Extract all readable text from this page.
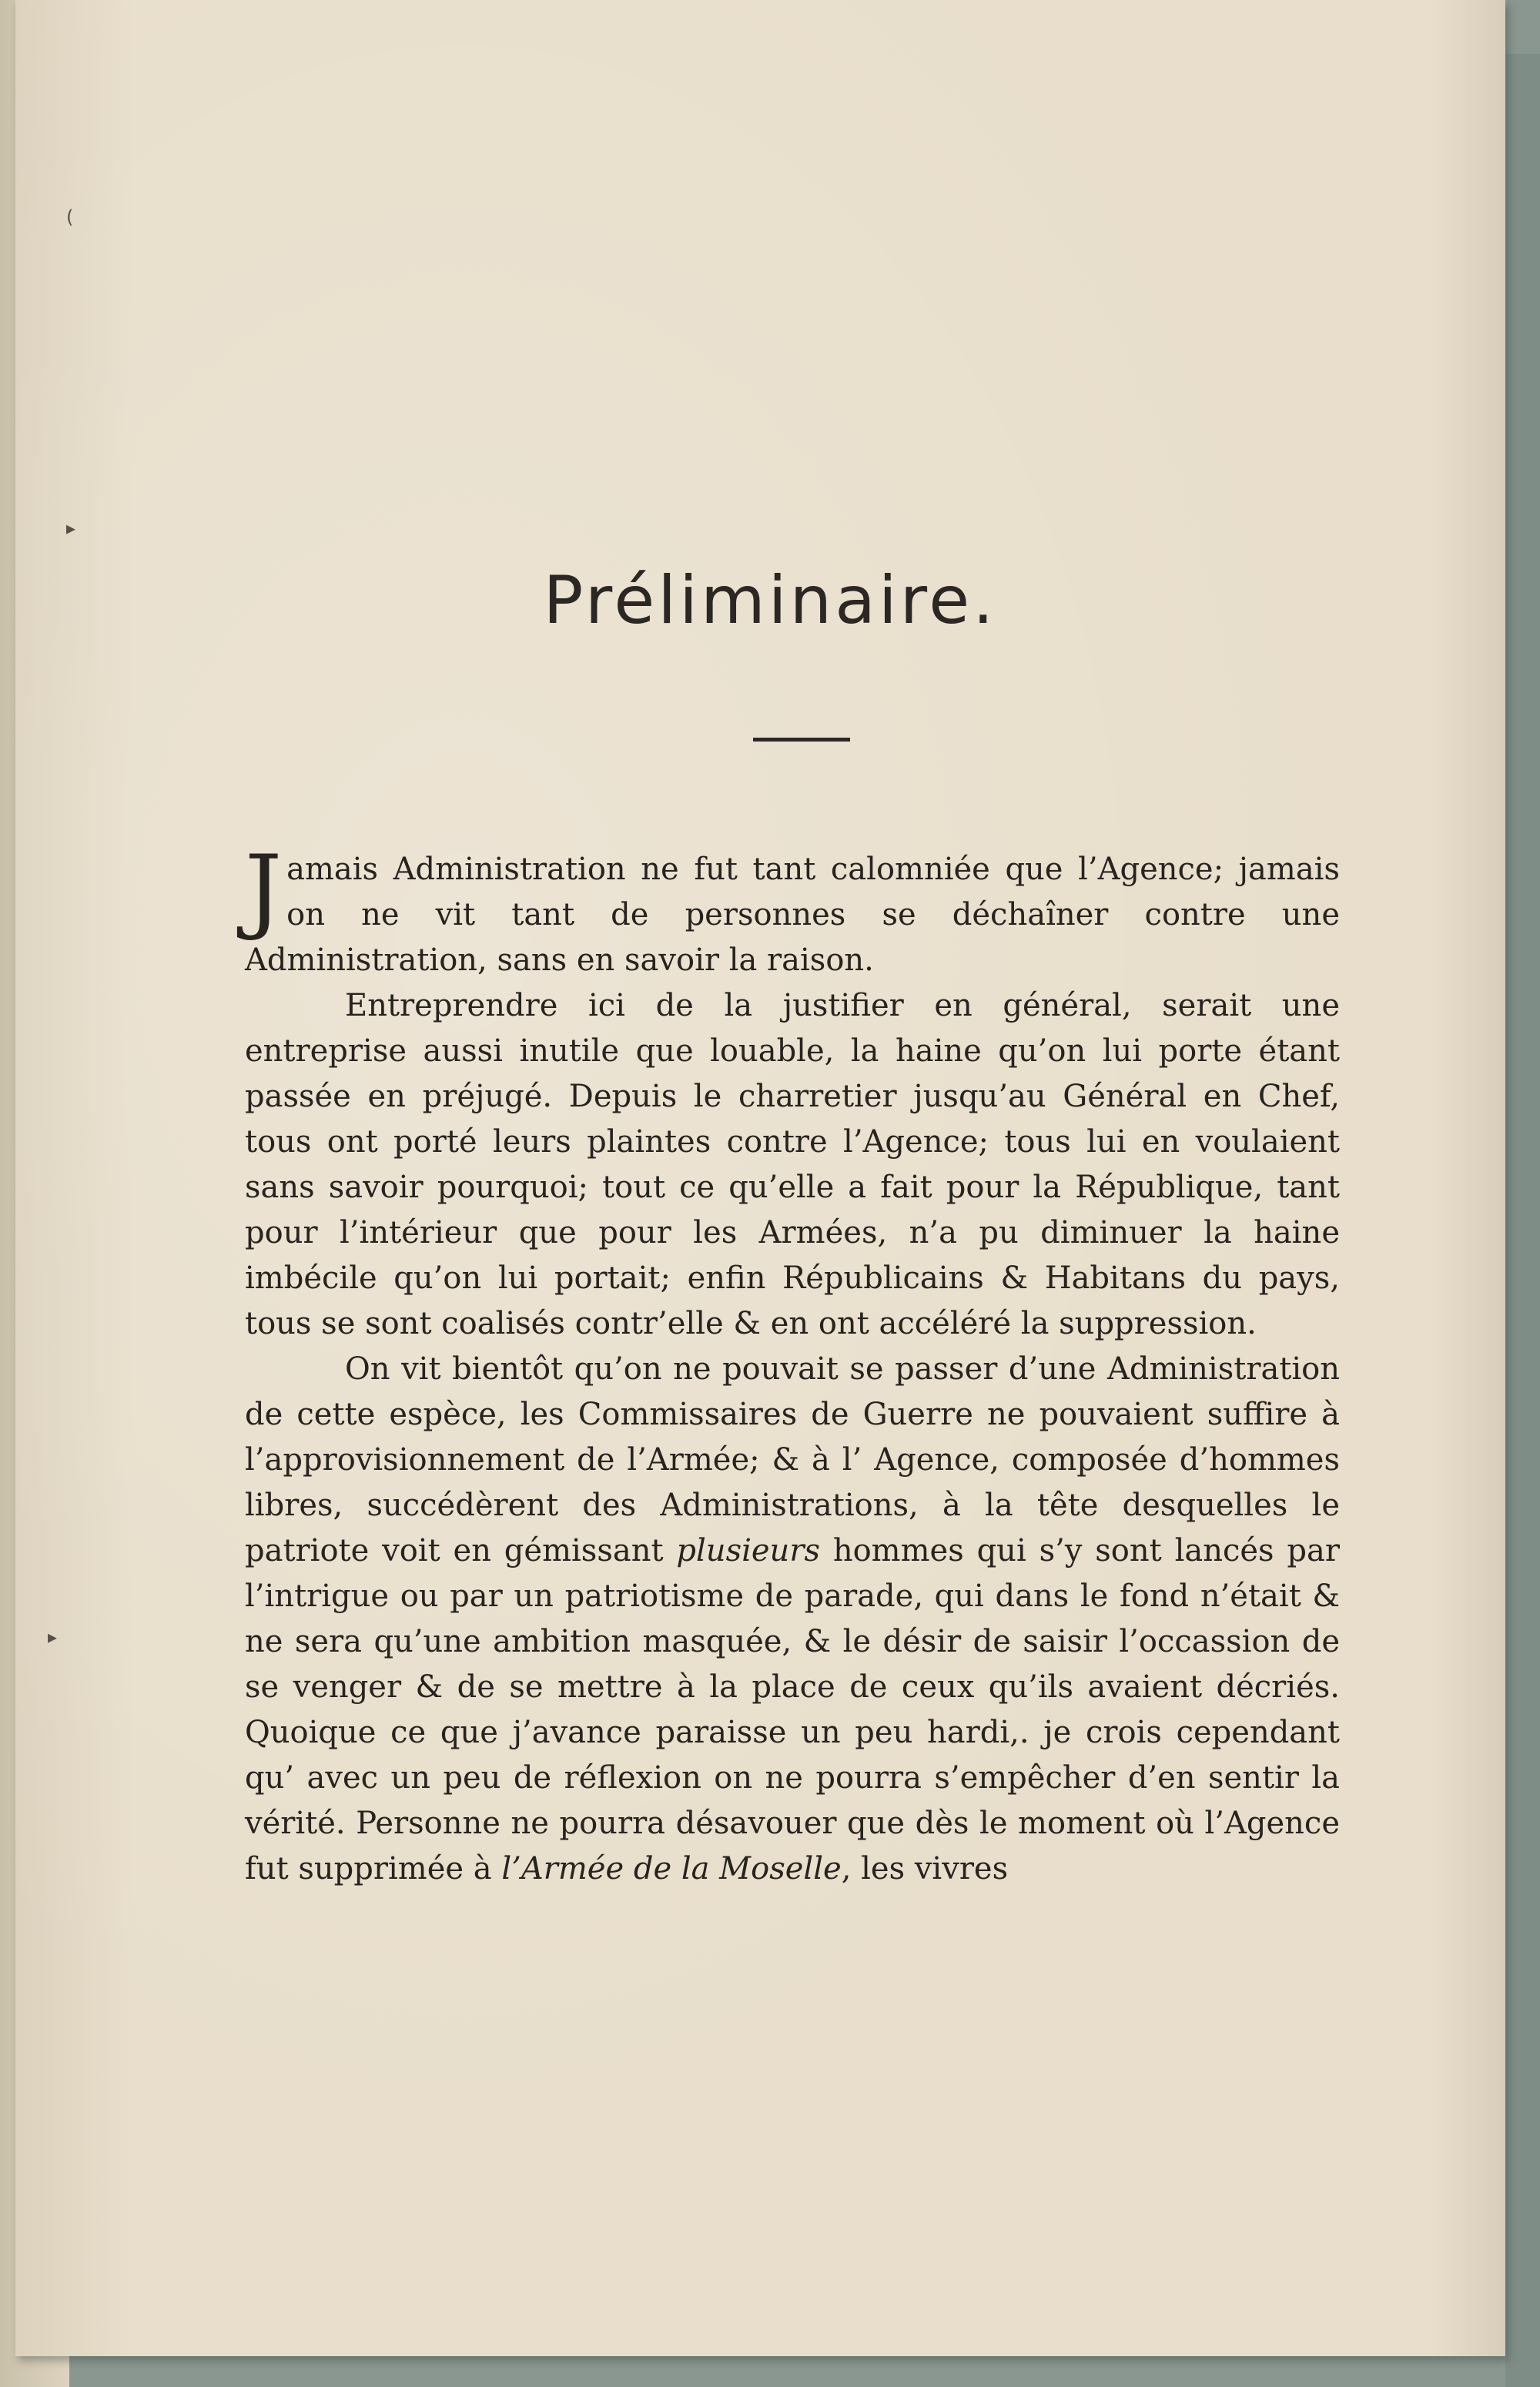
(
▸
▸
Préliminaire.

Jamais Administration ne fut tant calomniée que l’Agence; jamais on ne vit tant de personnes se déchaîner contre une Administration, sans en savoir la raison.

Entreprendre ici de la justifier en général, serait une entreprise aussi inutile que louable, la haine qu’on lui porte étant passée en préjugé. Depuis le charretier jusqu’au Général en Chef, tous ont porté leurs plaintes contre l’Agence; tous lui en voulaient sans savoir pourquoi; tout ce qu’elle a fait pour la République, tant pour l’intérieur que pour les Armées, n’a pu diminuer la haine imbécile qu’on lui portait; enfin Républicains & Habitans du pays, tous se sont coalisés contr’elle & en ont accéléré la suppression.

On vit bientôt qu’on ne pouvait se passer d’une Administration de cette espèce, les Commissaires de Guerre ne pouvaient suffire à l’approvisionnement de l’Armée; & à l’ Agence, composée d’hommes libres, succédèrent des Administrations, à la tête desquelles le patriote voit en gémissant plusieurs hommes qui s’y sont lancés par l’intrigue ou par un patriotisme de parade, qui dans le fond n’était & ne sera qu’une ambition masquée, & le désir de saisir l’occassion de se venger & de se mettre à la place de ceux qu’ils avaient décriés. Quoique ce que j’avance paraisse un peu hardi,. je crois cependant qu’ avec un peu de réflexion on ne pourra s’empêcher d’en sentir la vérité. Personne ne pourra désavouer que dès le moment où l’Agence fut supprimée à l’Armée de la Moselle, les vivres
